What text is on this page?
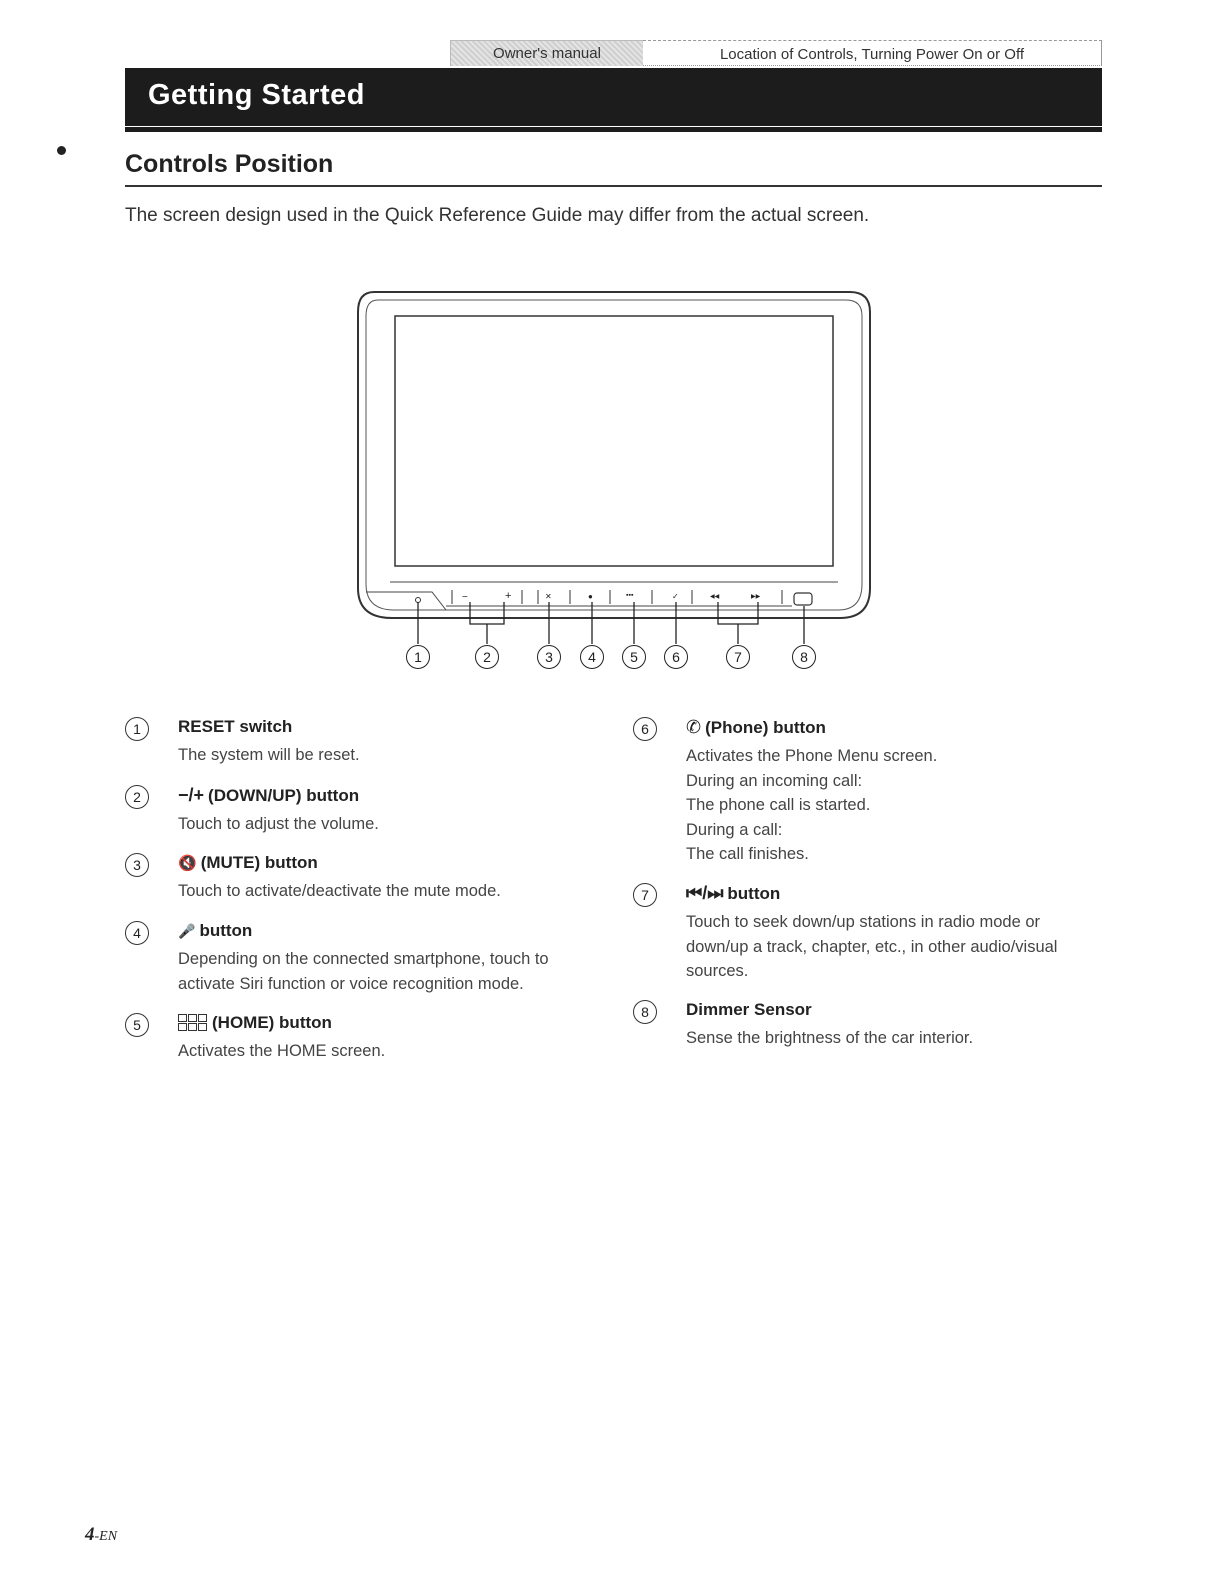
Owner's manual	Location of Controls, Turning Power On or Off
Getting Started
Controls Position

The screen design used in the Quick Reference Guide may differ from the actual screen.

−	+	✕	●	▪▪▪	✓	◀◀	▶▶
1	2	3	4	5	6	7	8
1	RESET switch

The system will be reset.
2	−/+ (DOWN/UP) button

Touch to adjust the volume.
3	🔇 (MUTE) button

Touch to activate/deactivate the mute mode.
4	🎤 button

Depending on the connected smartphone, touch to
activate Siri function or voice recognition mode.
5	(HOME) button

Activates the HOME screen.
6	✆ (Phone) button

Activates the Phone Menu screen.
During an incoming call:
The phone call is started.
During a call:
The call finishes.
7	⏮/⏭ button

Touch to seek down/up stations in radio mode or
down/up a track, chapter, etc., in other audio/visual
sources.
8	Dimmer Sensor

Sense the brightness of the car interior.
4-EN
